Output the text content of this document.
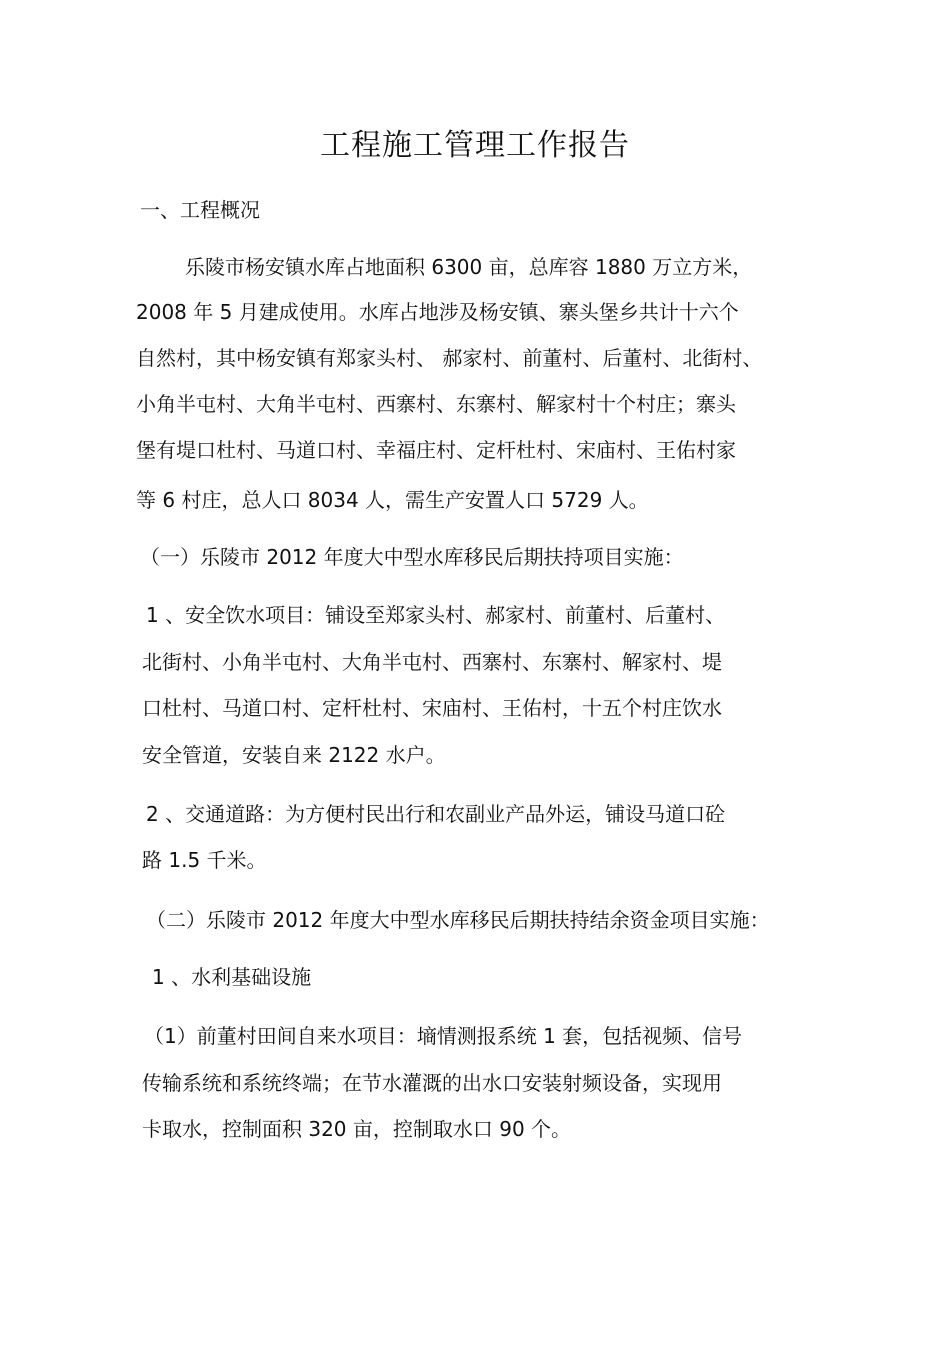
工程施工管理工作报告
一、工程概况
乐陵市杨安镇水库占地面积 6300 亩，总库容 1880 万立方米，
2008 年 5 月建成使用。水库占地涉及杨安镇、寨头堡乡共计十六个
自然村，其中杨安镇有郑家头村、 郝家村、前董村、后董村、北街村、
小角半屯村、大角半屯村、西寨村、东寨村、解家村十个村庄；寨头
堡有堤口杜村、马道口村、幸福庄村、定杆杜村、宋庙村、王佑村家
等 6 村庄，总人口 8034 人，需生产安置人口 5729 人。
（一）乐陵市 2012 年度大中型水库移民后期扶持项目实施：
1 、安全饮水项目：铺设至郑家头村、郝家村、前董村、后董村、
北街村、小角半屯村、大角半屯村、西寨村、东寨村、解家村、堤
口杜村、马道口村、定杆杜村、宋庙村、王佑村，十五个村庄饮水
安全管道，安装自来 2122 水户。
2 、交通道路：为方便村民出行和农副业产品外运，铺设马道口砼
路 1.5 千米。
（二）乐陵市 2012 年度大中型水库移民后期扶持结余资金项目实施：
1 、水利基础设施
（1）前董村田间自来水项目：墒情测报系统 1 套，包括视频、信号
传输系统和系统终端；在节水灌溉的出水口安装射频设备，实现用
卡取水，控制面积 320 亩，控制取水口 90 个。
